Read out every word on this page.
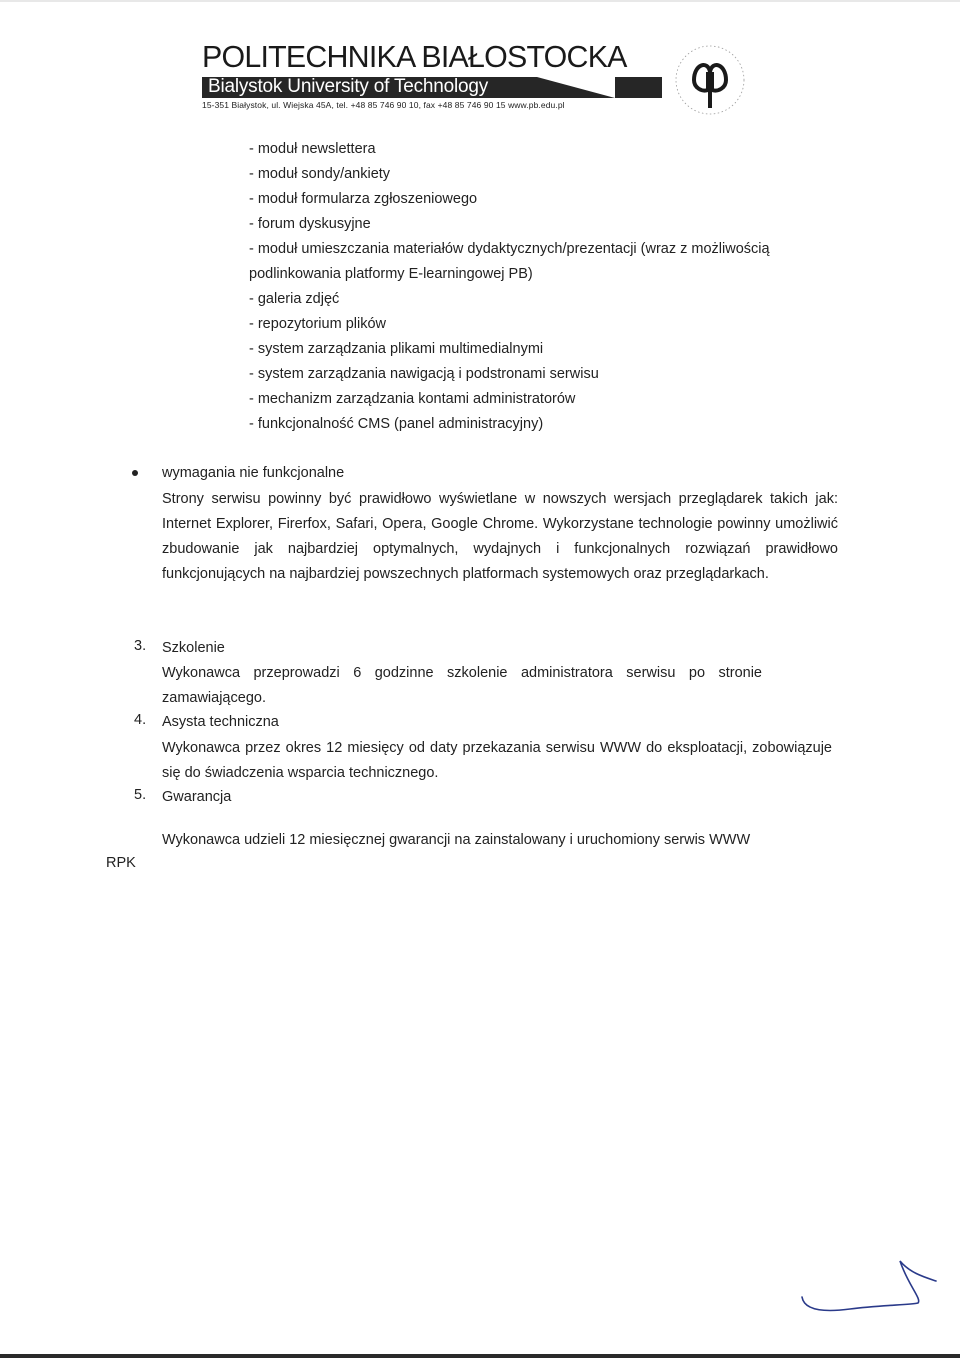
POLITECHNIKA BIAŁOSTOCKA
Bialystok University of Technology
15-351 Białystok, ul. Wiejska 45A, tel. +48 85 746 90 10, fax +48 85 746 90 15 www.pb.edu.pl
- moduł newslettera
- moduł sondy/ankiety
- moduł formularza zgłoszeniowego
- forum dyskusyjne
- moduł umieszczania materiałów dydaktycznych/prezentacji (wraz z możliwością
podlinkowania platformy E-learningowej PB)
- galeria zdjęć
- repozytorium plików
- system zarządzania plikami multimedialnymi
- system zarządzania nawigacją i podstronami serwisu
- mechanizm zarządzania kontami administratorów
- funkcjonalność CMS (panel administracyjny)
wymagania nie funkcjonalne
Strony serwisu powinny być prawidłowo wyświetlane w nowszych wersjach przeglądarek takich jak: Internet Explorer, Firerfox, Safari, Opera, Google Chrome. Wykorzystane technologie powinny umożliwić zbudowanie jak najbardziej optymalnych, wydajnych i funkcjonalnych rozwiązań prawidłowo funkcjonujących na najbardziej powszechnych platformach systemowych oraz przeglądarkach.
3. Szkolenie
Wykonawca przeprowadzi 6 godzinne szkolenie administratora serwisu po stronie zamawiającego.
4. Asysta techniczna
Wykonawca przez okres 12 miesięcy od daty przekazania serwisu WWW do eksploatacji, zobowiązuje się do świadczenia wsparcia technicznego.
5. Gwarancja
Wykonawca udzieli 12 miesięcznej gwarancji na zainstalowany i uruchomiony serwis WWW
RPK
